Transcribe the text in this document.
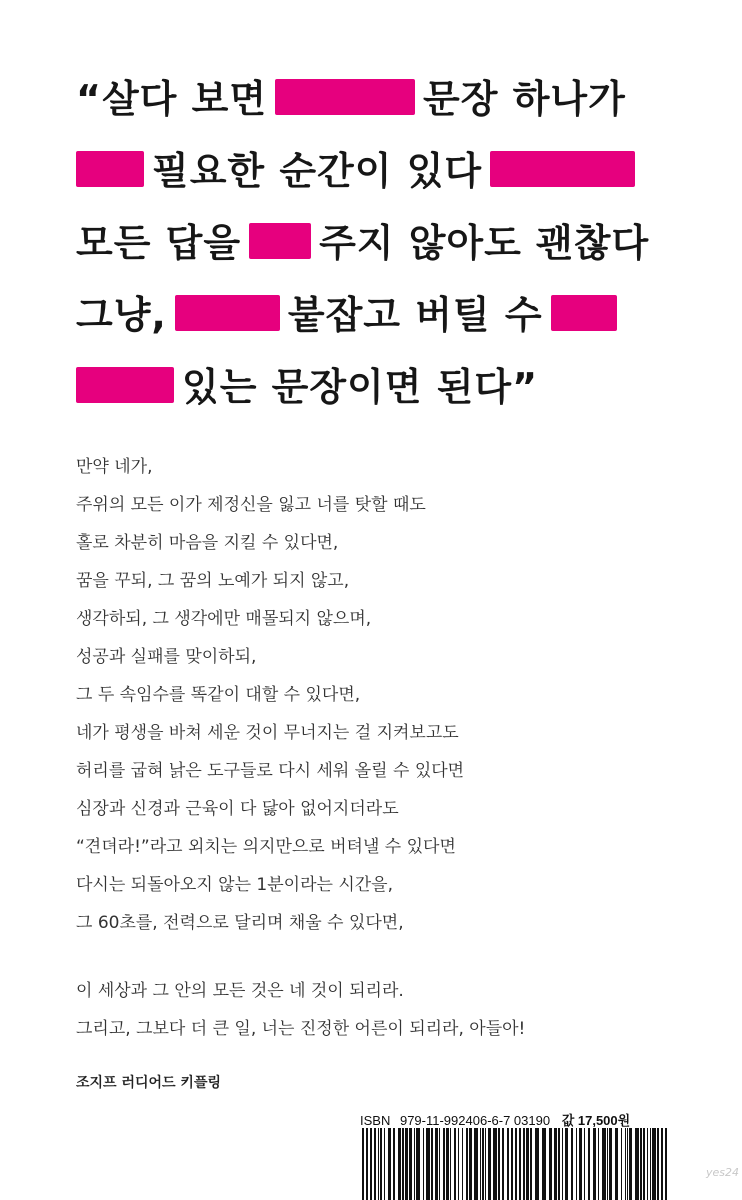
“살다 보면	문장 하나가
필요한 순간이 있다
모든 답을 주지 않아도 괜찮다
그냥,	붙잡고 버틸 수
있는 문장이면 된다”
만약 네가,
주위의 모든 이가 제정신을 잃고 너를 탓할 때도
홀로 차분히 마음을 지킬 수 있다면,
꿈을 꾸되, 그 꿈의 노예가 되지 않고,
생각하되, 그 생각에만 매몰되지 않으며,
성공과 실패를 맞이하되,
그 두 속임수를 똑같이 대할 수 있다면,
네가 평생을 바쳐 세운 것이 무너지는 걸 지켜보고도
허리를 굽혀 낡은 도구들로 다시 세워 올릴 수 있다면
심장과 신경과 근육이 다 닳아 없어지더라도
“견뎌라!”라고 외치는 의지만으로 버텨낼 수 있다면
다시는 되돌아오지 않는 1분이라는 시간을,
그 60초를, 전력으로 달리며 채울 수 있다면,
이 세상과 그 안의 모든 것은 네 것이 되리라.
그리고, 그보다 더 큰 일, 너는 진정한 어른이 되리라, 아들아!
조지프 러디어드 키플링
ISBN 979-11-992406-6-7 03190 값 17,500원
yes24
